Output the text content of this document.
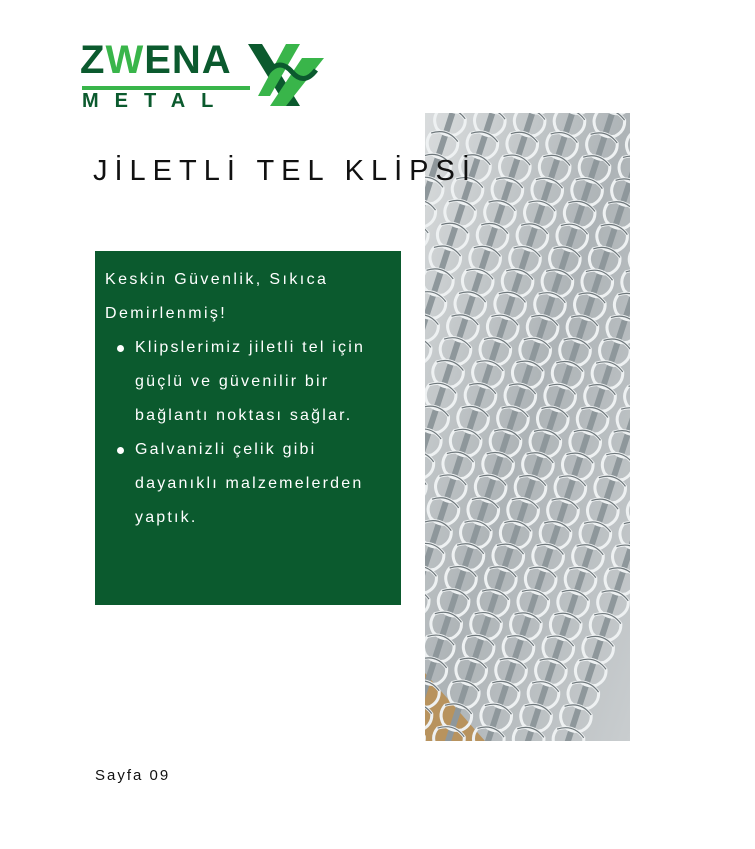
ZWENA
METAL
JİLETLİ TEL KLİPSİ

Keskin Güvenlik, Sıkıca Demirlenmiş!

Klipslerimiz jiletli tel için güçlü ve güvenilir bir bağlantı noktası sağlar.
Galvanizli çelik gibi dayanıklı malzemelerden yaptık.
Sayfa 09
